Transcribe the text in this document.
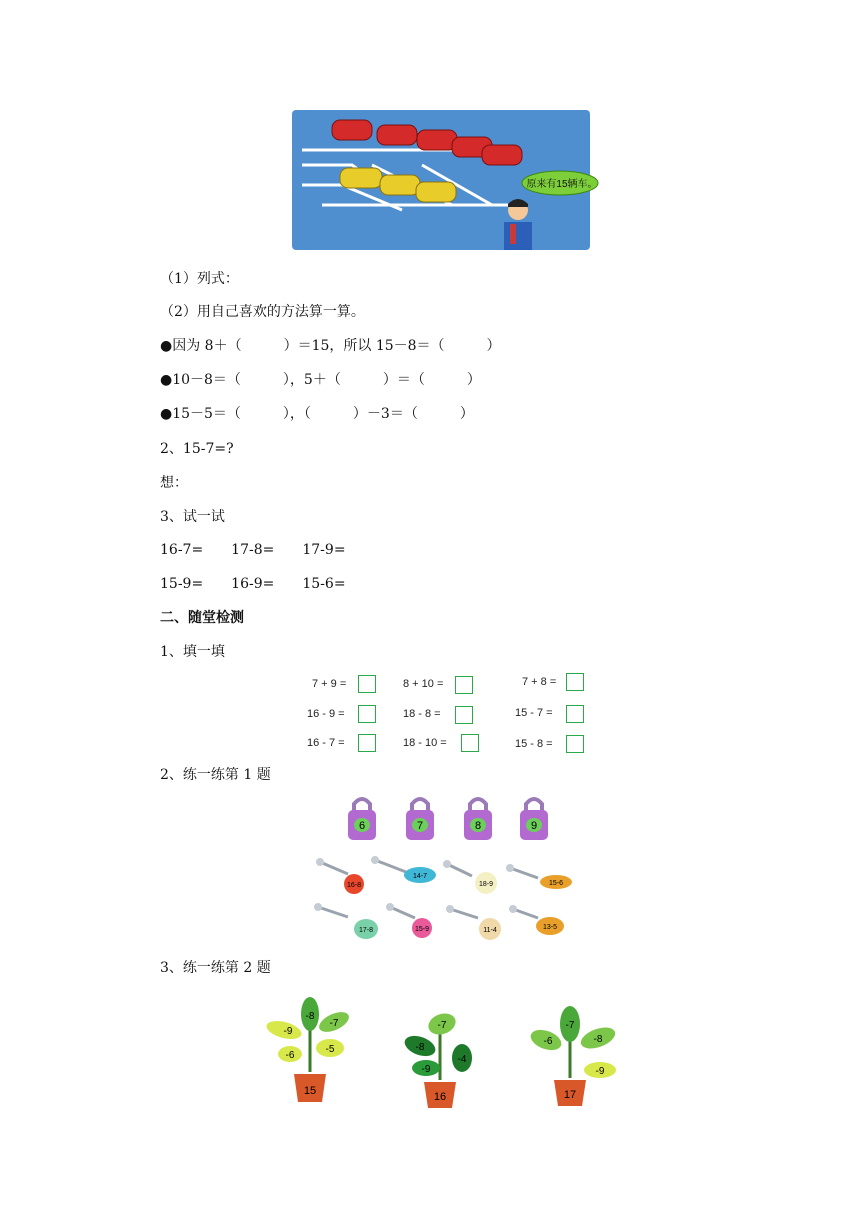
原来有15辆车。
（1）列式：
（2）用自己喜欢的方法算一算。
●因为 8＋（　　　）＝15，所以 15－8＝（　　　）
●10－8＝（　　　），5＋（　　　）＝（　　　）
●15－5＝（　　　），（　　　）－3＝（　　　）
2、15-7=?
想：
3、试一试
16-7=　　17-8=　　17-9=
15-9=　　16-9=　　15-6=
二、随堂检测
1、填一填
7 + 9 =	8 + 10 =	7 + 8 =
16 - 9 =	18 - 8 =	15 - 7 =
16 - 7 =	18 - 10 =	15 - 8 =
2、练一练第 1 题
6	7	8	9
16-8
14-7
18-9	15-6
17-8	15-9	11-4	13-5
3、练一练第 2 题
-8
-7
-9
-6
-5
15
-7
-8
-9
-4
16
-7
-6	-8
-9
17
